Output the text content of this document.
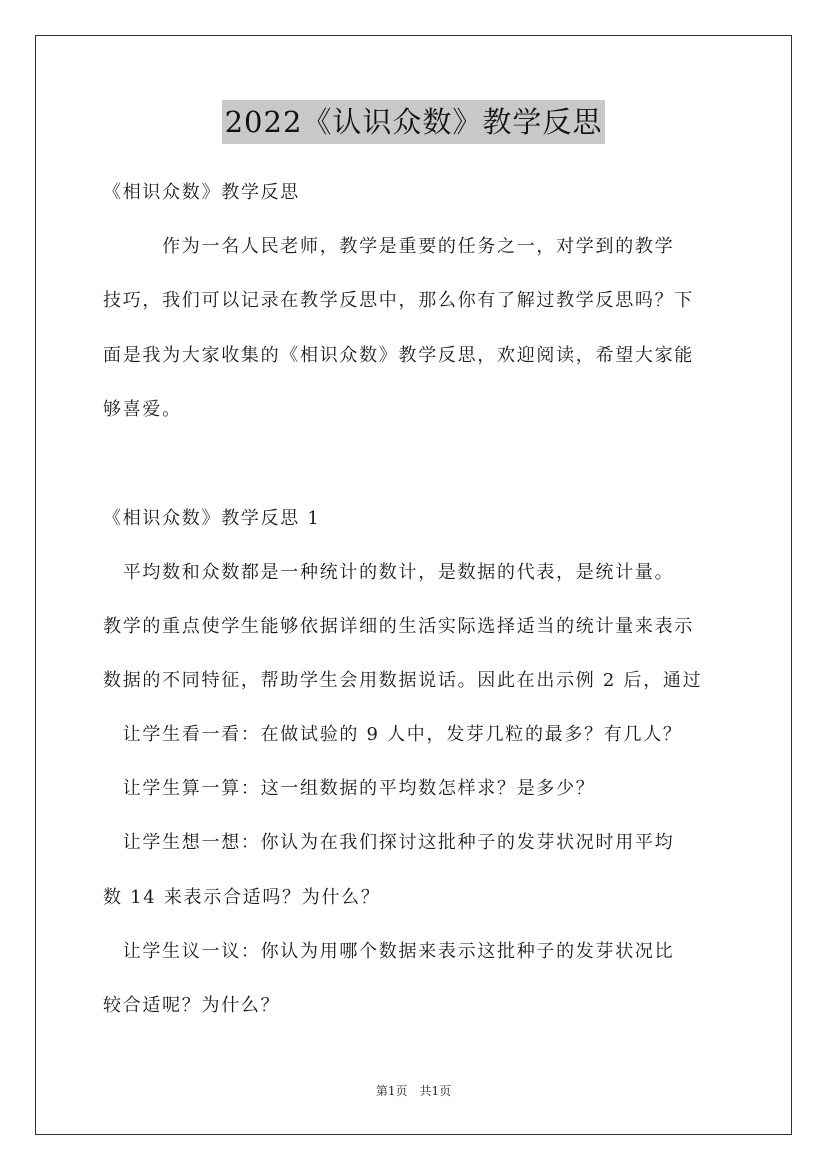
2022《认识众数》教学反思
《相识众数》教学反思
　　　作为一名人民老师，教学是重要的任务之一，对学到的教学
技巧，我们可以记录在教学反思中，那么你有了解过教学反思吗？下
面是我为大家收集的《相识众数》教学反思，欢迎阅读，希望大家能
够喜爱。
《相识众数》教学反思 1
　平均数和众数都是一种统计的数计，是数据的代表，是统计量。
教学的重点使学生能够依据详细的生活实际选择适当的统计量来表示
数据的不同特征，帮助学生会用数据说话。因此在出示例 2 后，通过
　让学生看一看：在做试验的 9 人中，发芽几粒的最多？有几人？
　让学生算一算：这一组数据的平均数怎样求？是多少？
　让学生想一想：你认为在我们探讨这批种子的发芽状况时用平均
数 14 来表示合适吗？为什么？
　让学生议一议：你认为用哪个数据来表示这批种子的发芽状况比
较合适呢？为什么？
第1页　共1页
